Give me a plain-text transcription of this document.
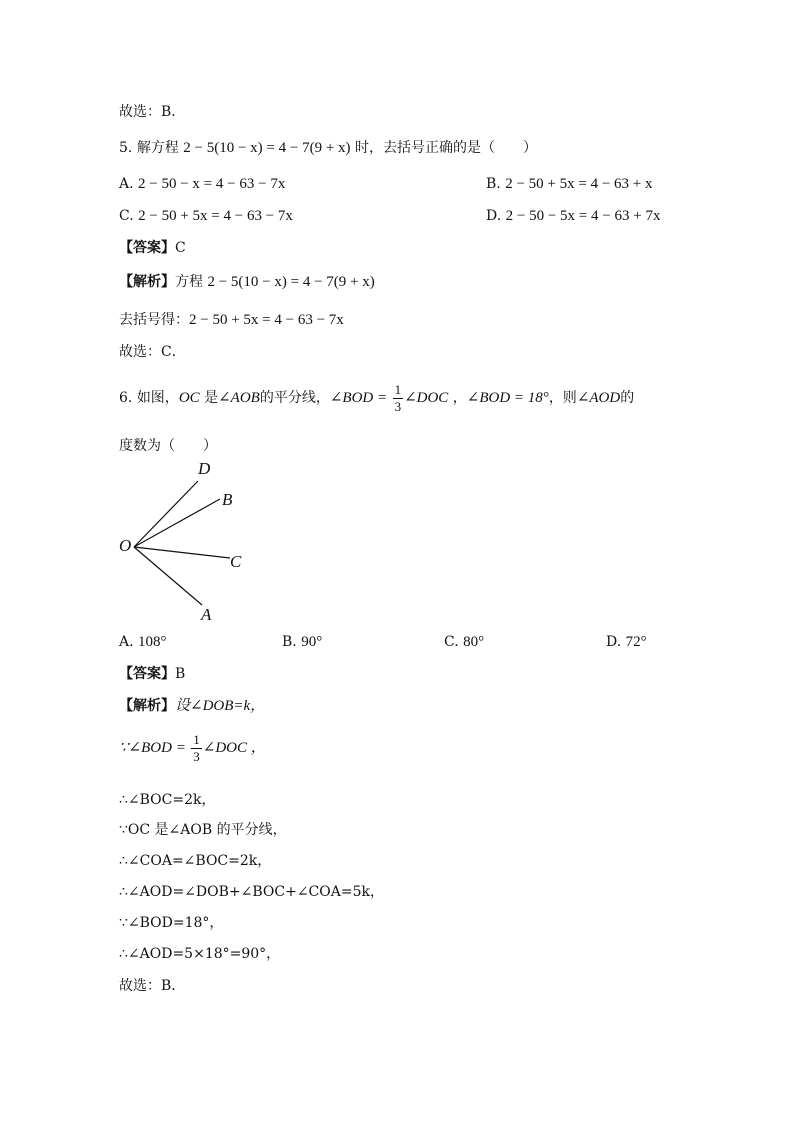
故选：B．
5. 解方程 2 − 5(10 − x) = 4 − 7(9 + x) 时，去括号正确的是（　　）
A. 2 − 50 − x = 4 − 63 − 7x	B. 2 − 50 + 5x = 4 − 63 + x
C. 2 − 50 + 5x = 4 − 63 − 7x	D. 2 − 50 − 5x = 4 − 63 + 7x
【答案】C
【解析】方程 2 − 5(10 − x) = 4 − 7(9 + x)
去括号得：2 − 50 + 5x = 4 − 63 − 7x
故选：C．
6. 如图，OC 是∠AOB的平分线，∠BOD = $\frac{1}{3}$ ∠DOC ，∠BOD = 18°，则∠AOD的
度数为（　　）
D
B
O
C
A
A. 108°	B. 90°	C. 80°	D. 72°
【答案】B
【解析】设∠DOB=k，
∵∠BOD = $\frac{1}{3}$ ∠DOC ，
∴∠BOC=2k，
∵OC 是∠AOB 的平分线，
∴∠COA=∠BOC=2k，
∴∠AOD=∠DOB+∠BOC+∠COA=5k，
∵∠BOD=18°，
∴∠AOD=5×18°=90°，
故选：B．
